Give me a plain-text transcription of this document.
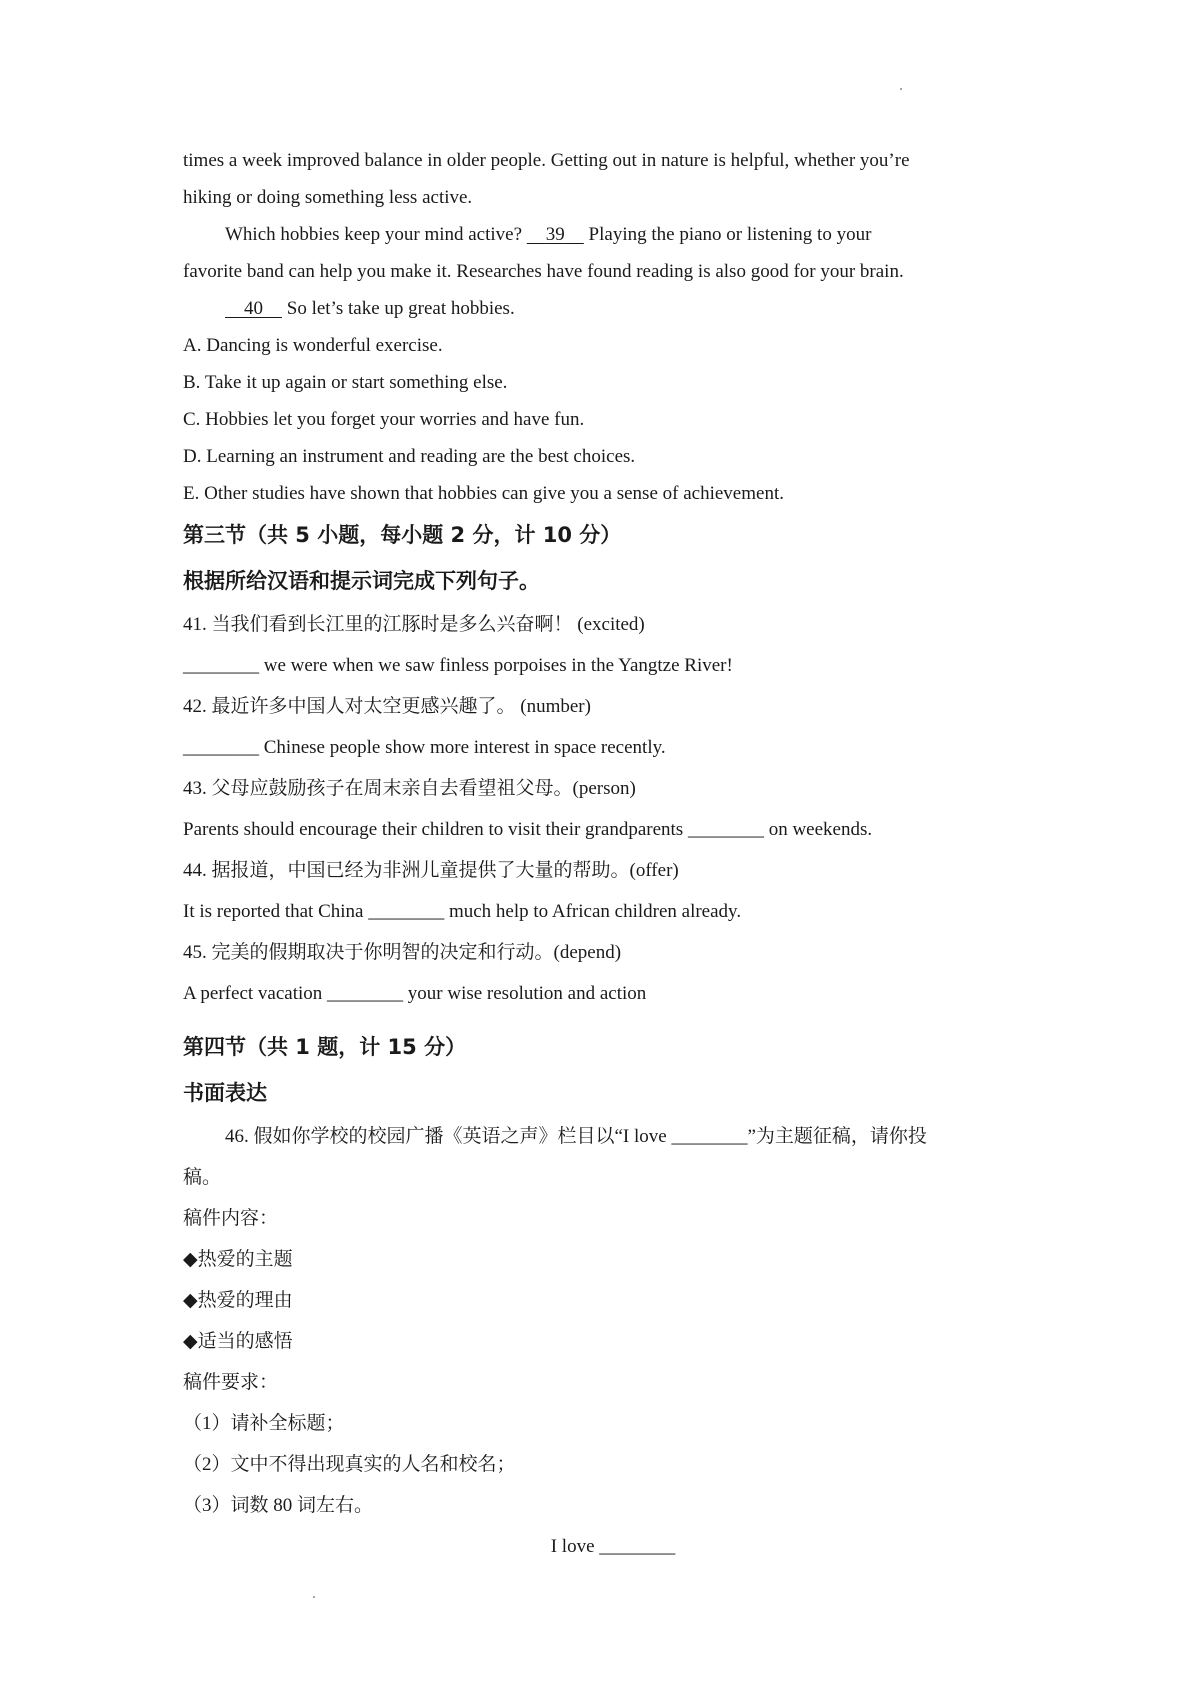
times a week improved balance in older people. Getting out in nature is helpful, whether you’re
hiking or doing something less active.
Which hobbies keep your mind active? 39 Playing the piano or listening to your
favorite band can help you make it. Researches have found reading is also good for your brain.
40 So let’s take up great hobbies.
A. Dancing is wonderful exercise.
B. Take it up again or start something else.
C. Hobbies let you forget your worries and have fun.
D. Learning an instrument and reading are the best choices.
E. Other studies have shown that hobbies can give you a sense of achievement.
第三节（共 5 小题，每小题 2 分，计 10 分）
根据所给汉语和提示词完成下列句子。
41. 当我们看到长江里的江豚时是多么兴奋啊！ (excited)
________ we were when we saw finless porpoises in the Yangtze River!
42. 最近许多中国人对太空更感兴趣了。 (number)
________ Chinese people show more interest in space recently.
43. 父母应鼓励孩子在周末亲自去看望祖父母。(person)
Parents should encourage their children to visit their grandparents ________ on weekends.
44. 据报道，中国已经为非洲儿童提供了大量的帮助。(offer)
It is reported that China ________ much help to African children already.
45. 完美的假期取决于你明智的决定和行动。(depend)
A perfect vacation ________ your wise resolution and action
第四节（共 1 题，计 15 分）
书面表达
46. 假如你学校的校园广播《英语之声》栏目以“I love ________”为主题征稿，请你投
稿。
稿件内容：
◆热爱的主题
◆热爱的理由
◆适当的感悟
稿件要求：
（1）请补全标题；
（2）文中不得出现真实的人名和校名；
（3）词数 80 词左右。
I love ________
